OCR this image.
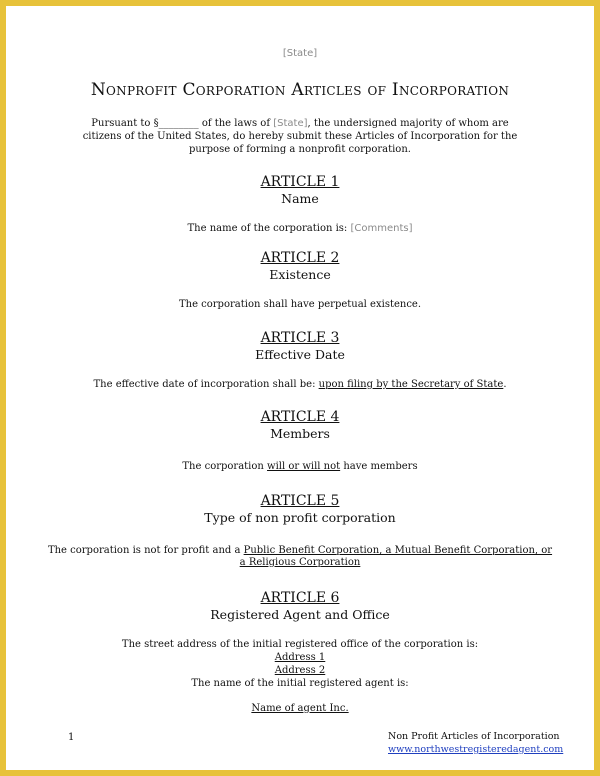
[State]
Nonprofit Corporation Articles of Incorporation
Pursuant to §________ of the laws of [State], the undersigned majority of whom are citizens of the United States, do hereby submit these Articles of Incorporation for the purpose of forming a nonprofit corporation.
ARTICLE 1
Name
The name of the corporation is: [Comments]
ARTICLE 2
Existence
The corporation shall have perpetual existence.
ARTICLE 3
Effective Date
The effective date of incorporation shall be: upon filing by the Secretary of State.
ARTICLE 4
Members
The corporation will or will not have members
ARTICLE 5
Type of non profit corporation
The corporation is not for profit and a Public Benefit Corporation, a Mutual Benefit Corporation, or
a Religious Corporation
ARTICLE 6
Registered Agent and Office
The street address of the initial registered office of the corporation is:
Address 1
Address 2
The name of the initial registered agent is:
Name of agent Inc.
1	Non Profit Articles of Incorporation
www.northwestregisteredagent.com
